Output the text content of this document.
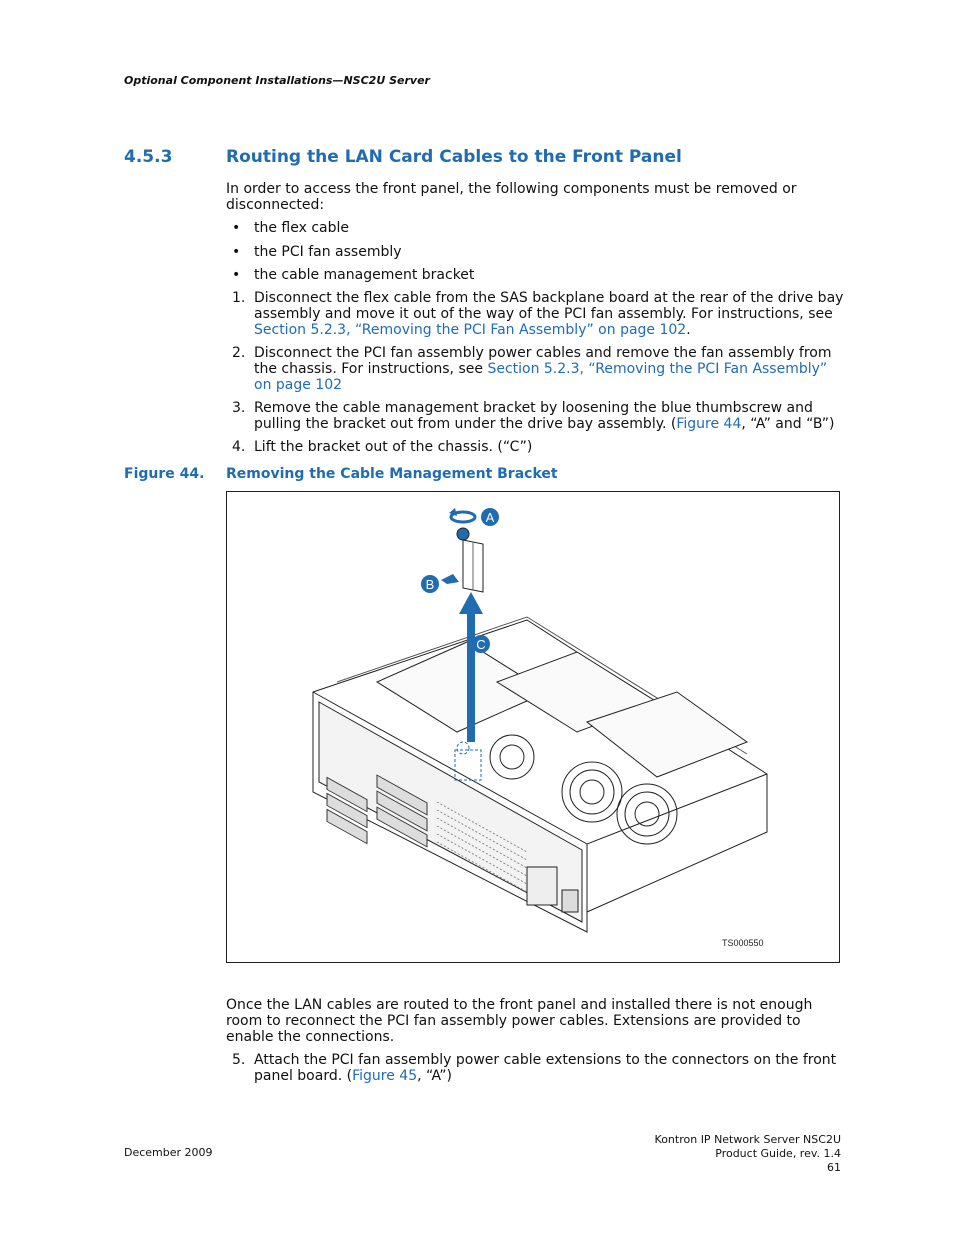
Optional Component Installations—NSC2U Server
4.5.3	Routing the LAN Card Cables to the Front Panel
In order to access the front panel, the following components must be removed or disconnected:
• the flex cable
• the PCI fan assembly
• the cable management bracket
1. Disconnect the flex cable from the SAS backplane board at the rear of the drive bay assembly and move it out of the way of the PCI fan assembly. For instructions, see Section 5.2.3, “Removing the PCI Fan Assembly” on page 102.
2. Disconnect the PCI fan assembly power cables and remove the fan assembly from the chassis. For instructions, see Section 5.2.3, “Removing the PCI Fan Assembly” on page 102
3. Remove the cable management bracket by loosening the blue thumbscrew and pulling the bracket out from under the drive bay assembly. (Figure 44, “A” and “B”)
4. Lift the bracket out of the chassis. (“C”)
Figure 44. Removing the Cable Management Bracket
A
B
C
TS000550
Once the LAN cables are routed to the front panel and installed there is not enough room to reconnect the PCI fan assembly power cables. Extensions are provided to enable the connections.
5. Attach the PCI fan assembly power cable extensions to the connectors on the front panel board. (Figure 45, “A”)
December 2009
Kontron IP Network Server NSC2U
Product Guide, rev. 1.4
61
